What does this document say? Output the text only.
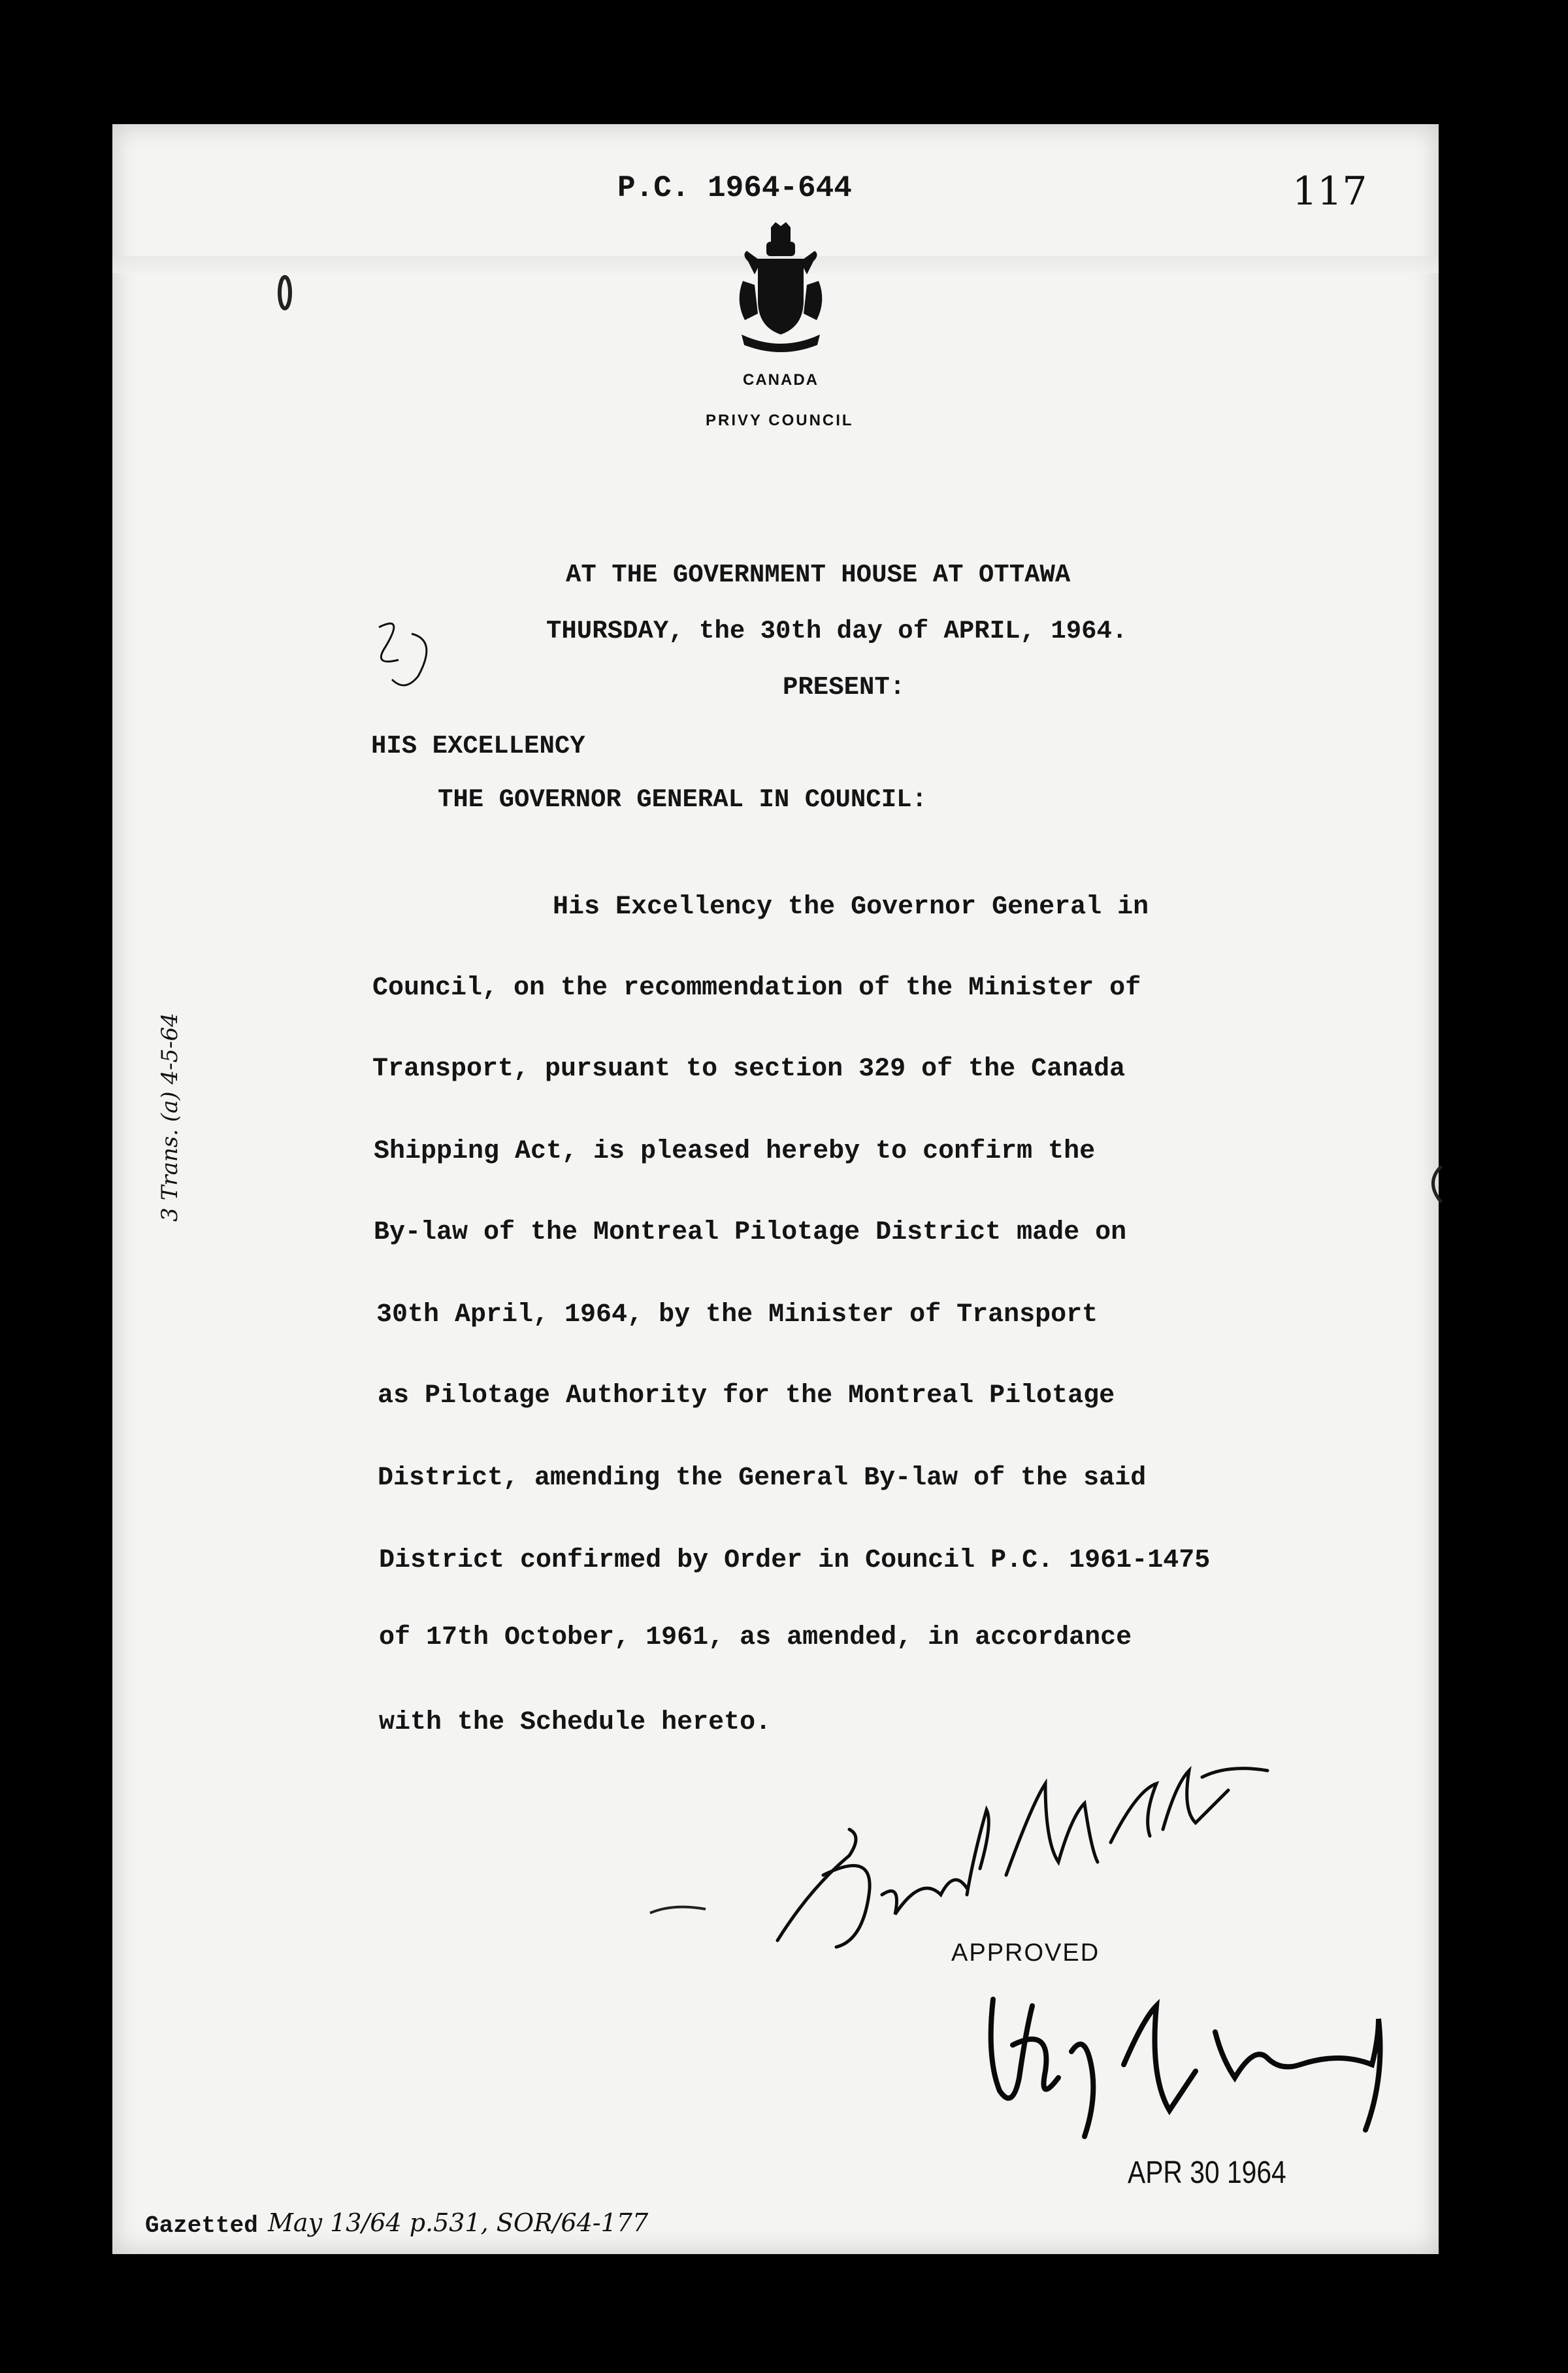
P.C. 1964-644	117
CANADA
PRIVY COUNCIL
AT THE GOVERNMENT HOUSE AT OTTAWA
THURSDAY, the 30th day of APRIL, 1964.
PRESENT:
HIS EXCELLENCY
THE GOVERNOR GENERAL IN COUNCIL:
His Excellency the Governor General in
Council, on the recommendation of the Minister of
Transport, pursuant to section 329 of the Canada
Shipping Act, is pleased hereby to confirm the
By-law of the Montreal Pilotage District made on
30th April, 1964, by the Minister of Transport
as Pilotage Authority for the Montreal Pilotage
District, amending the General By-law of the said
District confirmed by Order in Council P.C. 1961-1475
of 17th October, 1961, as amended, in accordance
with the Schedule hereto.
3 Trans. (a) 4-5-64
APPROVED
APR 30 1964
Gazetted May 13/64 p.531, SOR/64-177
